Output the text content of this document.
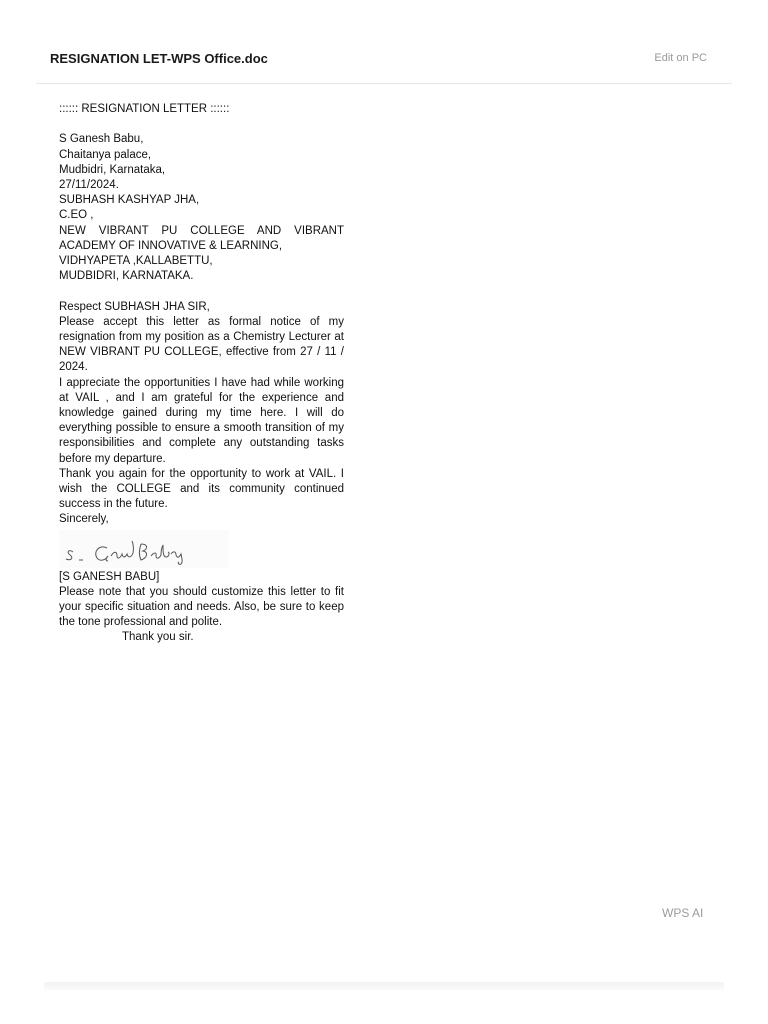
RESIGNATION LET-WPS Office.doc	Edit on PC

:::::: RESIGNATION LETTER ::::::

S Ganesh Babu,

Chaitanya palace,

Mudbidri, Karnataka,

27/11/2024.

SUBHASH KASHYAP JHA,

C.EO ,

NEW VIBRANT PU COLLEGE AND VIBRANT ACADEMY OF INNOVATIVE & LEARNING,

VIDHYAPETA ,KALLABETTU,

MUDBIDRI, KARNATAKA.

Respect SUBHASH JHA SIR,

Please accept this letter as formal notice of my resignation from my position as a Chemistry Lecturer at NEW VIBRANT PU COLLEGE, effective from 27 / 11 / 2024.

I appreciate the opportunities I have had while working at VAIL , and I am grateful for the experience and knowledge gained during my time here. I will do everything possible to ensure a smooth transition of my responsibilities and complete any outstanding tasks before my departure.

Thank you again for the opportunity to work at VAIL. I wish the COLLEGE and its community continued success in the future.

Sincerely,

[S GANESH BABU]

Please note that you should customize this letter to fit your specific situation and needs. Also, be sure to keep the tone professional and polite.

Thank you sir.

WPS AI
